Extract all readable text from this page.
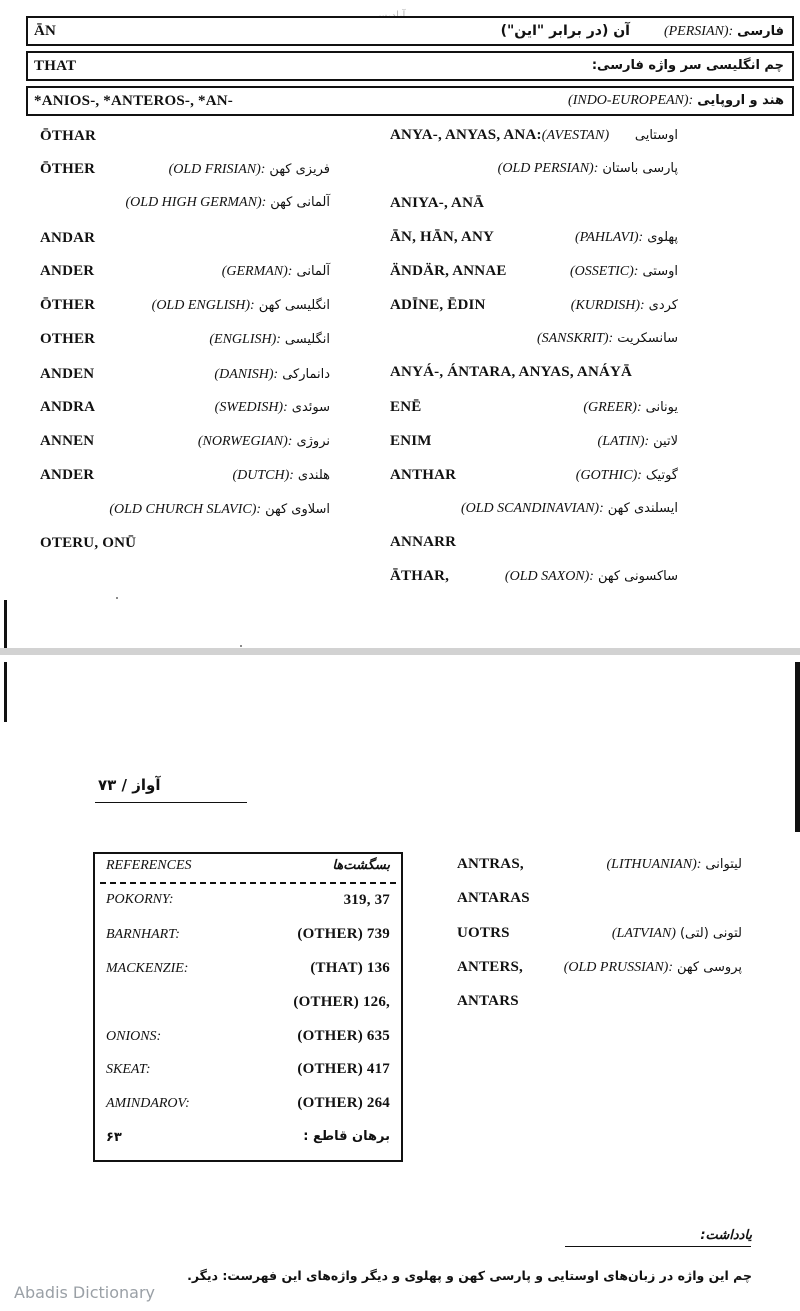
ĀN	آن (در برابر "این") (PERSIAN): فارسی
THAT	چم انگلیسی سر واژه فارسی:
*ANIOS-, *ANTEROS-, *AN-	(INDO-EUROPEAN): هند و اروپایی
ŌTHAR
ŌTHER	(OLD FRISIAN): فریزی کهن
(OLD HIGH GERMAN): آلمانی کهن
ANDAR
ANDER	(GERMAN): آلمانی
ŌTHER	(OLD ENGLISH): انگلیسی کهن
OTHER	(ENGLISH): انگلیسی
ANDEN	(DANISH): دانمارکی
ANDRA	(SWEDISH): سوئدی
ANNEN	(NORWEGIAN): نروژی
ANDER	(DUTCH): هلندی
(OLD CHURCH SLAVIC): اسلاوی کهن
OTERU, ONŪ
ANYA-, ANYAS, ANA:(AVESTAN) اوستایی
(OLD PERSIAN): پارسی باستان
ANIYA-, ANĀ
ĀN, HĀN, ANY	(PAHLAVI): پهلوی
ÄNDÄR, ANNAE	(OSSETIC): اوستی
ADĪNE, ĒDIN	(KURDISH): کردی
(SANSKRIT): سانسکریت
ANYÁ-, ÁNTARA, ANYAS, ANÁYĀ
ENĒ	(GREER): یونانی
ENIM	(LATIN): لاتین
ANTHAR	(GOTHIC): گوتیک
(OLD SCANDINAVIAN): ایسلندی کهن
ANNARR
ĀTHAR,	(OLD SAXON): ساکسونی کهن
آواز / ۷۳
REFERENCES	بسگشت‌ها
POKORNY:	319, 37
BARNHART:	(OTHER) 739
MACKENZIE:	(THAT) 136
(OTHER) 126,
ONIONS:	(OTHER) 635
SKEAT:	(OTHER) 417
AMINDAROV:	(OTHER) 264
۶۳	برهان قاطع :
ANTRAS,	(LITHUANIAN): لیتوانی
ANTARAS
UOTRS	(LATVIAN) لتونی (لتی)
ANTERS,	(OLD PRUSSIAN): پروسی کهن
ANTARS
یادداشت:
چم این واژه در زبان‌های اوستایی و پارسی کهن و پهلوی و دیگر واژه‌های این فهرست: دیگر.
Abadis Dictionary
